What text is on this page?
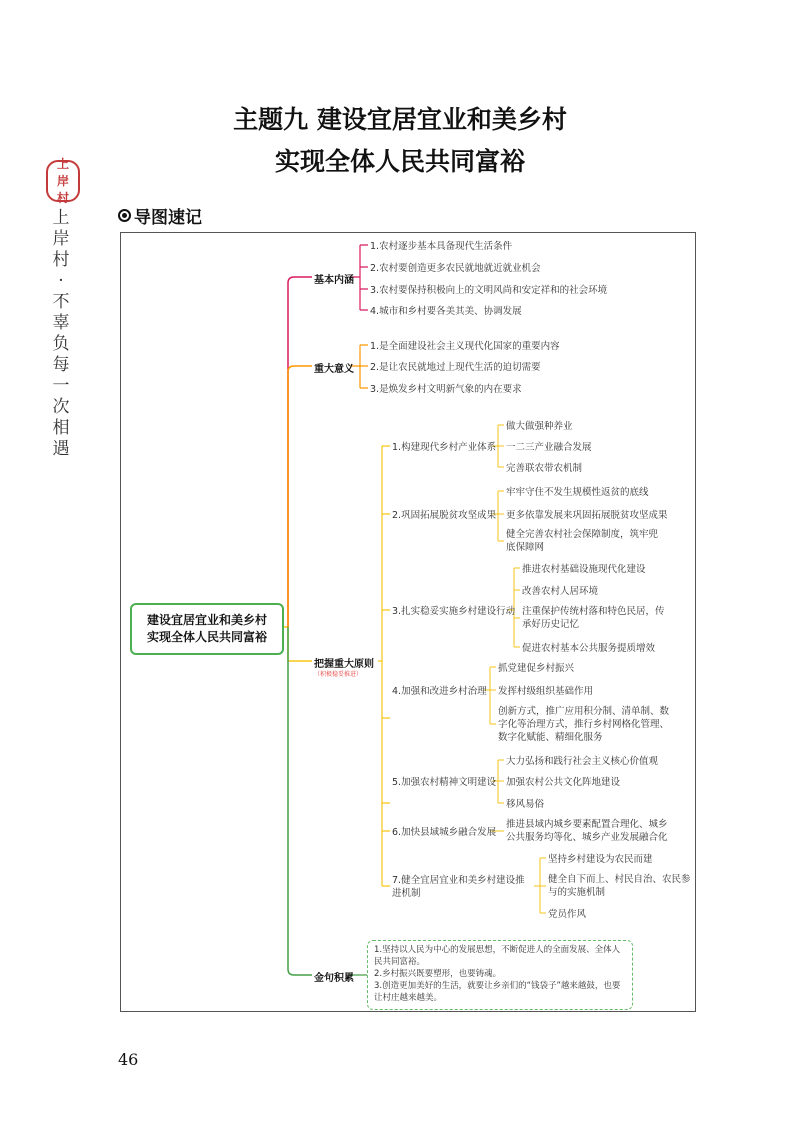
主题九 建设宜居宜业和美乡村
实现全体人民共同富裕
上岸村
上岸村·不辜负每一次相遇
导图速记
建设宜居宜业和美乡村
实现全体人民共同富裕
基本内涵
重大意义
把握重大原则
（积极稳妥推进）
金句积累
1.农村逐步基本具备现代生活条件
2.农村要创造更多农民就地就近就业机会
3.农村要保持积极向上的文明风尚和安定祥和的社会环境
4.城市和乡村要各美其美、协调发展
1.是全面建设社会主义现代化国家的重要内容
2.是让农民就地过上现代生活的迫切需要
3.是焕发乡村文明新气象的内在要求
1.构建现代乡村产业体系
2.巩固拓展脱贫攻坚成果
3.扎实稳妥实施乡村建设行动
4.加强和改进乡村治理
5.加强农村精神文明建设
6.加快县域城乡融合发展
7.健全宜居宜业和美乡村建设推进机制
做大做强种养业
一二三产业融合发展
完善联农带农机制
牢牢守住不发生规模性返贫的底线
更多依靠发展来巩固拓展脱贫攻坚成果
健全完善农村社会保障制度，筑牢兜底保障网
推进农村基础设施现代化建设
改善农村人居环境
注重保护传统村落和特色民居，传承好历史记忆
促进农村基本公共服务提质增效
抓党建促乡村振兴
发挥村级组织基础作用
创新方式，推广应用积分制、清单制、数字化等治理方式，推行乡村网格化管理、数字化赋能、精细化服务
大力弘扬和践行社会主义核心价值观
加强农村公共文化阵地建设
移风易俗
推进县域内城乡要素配置合理化、城乡公共服务均等化、城乡产业发展融合化
坚持乡村建设为农民而建
健全自下而上、村民自治、农民参与的实施机制
党员作风
1.坚持以人民为中心的发展思想，不断促进人的全面发展、全体人民共同富裕。
2.乡村振兴既要塑形，也要铸魂。
3.创造更加美好的生活，就要让乡亲们的“钱袋子”越来越鼓，也要让村庄越来越美。
46
